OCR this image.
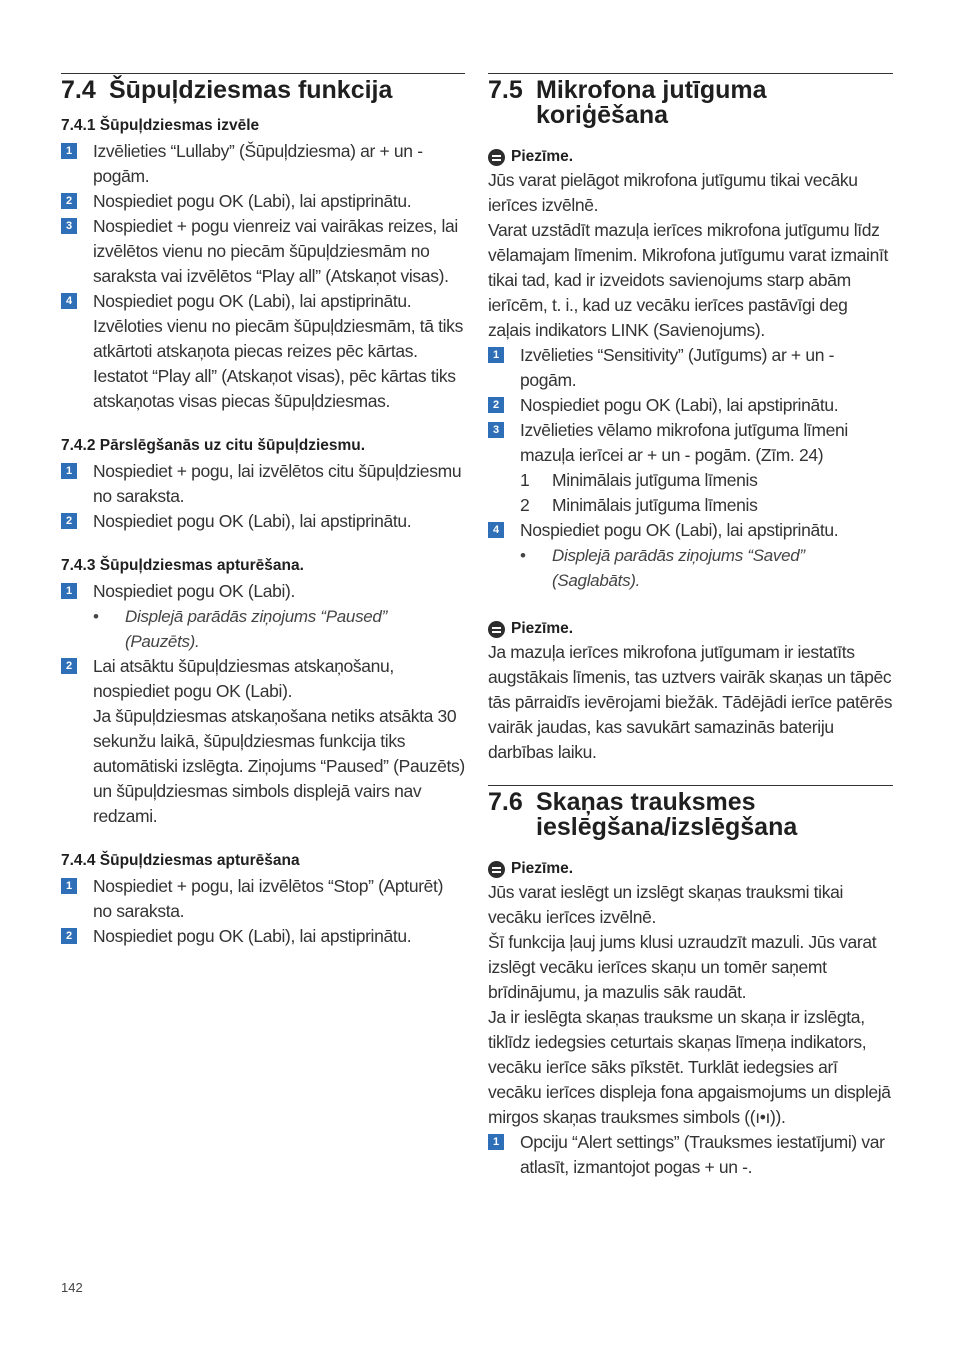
7.4 Šūpuļdziesmas funkcija
7.4.1 Šūpuļdziesmas izvēle
1 Izvēlieties “Lullaby” (Šūpuļdziesma) ar + un - pogām.

2 Nospiediet pogu OK (Labi), lai apstiprinātu.

3 Nospiediet + pogu vienreiz vai vairākas reizes, lai izvēlētos vienu no piecām šūpuļdziesmām no saraksta vai izvēlētos “Play all” (Atskaņot visas).

4 Nospiediet pogu OK (Labi), lai apstiprinātu. Izvēloties vienu no piecām šūpuļdziesmām, tā tiks atkārtoti atskaņota piecas reizes pēc kārtas.

Iestatot “Play all” (Atskaņot visas), pēc kārtas tiks atskaņotas visas piecas šūpuļdziesmas.

7.4.2 Pārslēgšanās uz citu šūpuļdziesmu.
1 Nospiediet + pogu, lai izvēlētos citu šūpuļdziesmu no saraksta.

2 Nospiediet pogu OK (Labi), lai apstiprinātu.

7.4.3 Šūpuļdziesmas apturēšana.
1 Nospiediet pogu OK (Labi).

•	Displejā parādās ziņojums “Paused” (Pauzēts).
2 Lai atsāktu šūpuļdziesmas atskaņošanu, nospiediet pogu OK (Labi).

Ja šūpuļdziesmas atskaņošana netiks atsākta 30 sekunžu laikā, šūpuļdziesmas funkcija tiks automātiski izslēgta. Ziņojums “Paused” (Pauzēts) un šūpuļdziesmas simbols displejā vairs nav redzami.

7.4.4 Šūpuļdziesmas apturēšana
1 Nospiediet + pogu, lai izvēlētos “Stop” (Apturēt) no saraksta.

2 Nospiediet pogu OK (Labi), lai apstiprinātu.

7.5 Mikrofona jutīguma koriģēšana
Piezīme.

Jūs varat pielāgot mikrofona jutīgumu tikai vecāku ierīces izvēlnē.

Varat uzstādīt mazuļa ierīces mikrofona jutīgumu līdz vēlamajam līmenim. Mikrofona jutīgumu varat izmainīt tikai tad, kad ir izveidots savienojums starp abām ierīcēm, t. i., kad uz vecāku ierīces pastāvīgi deg zaļais indikators LINK (Savienojums).

1 Izvēlieties “Sensitivity” (Jutīgums) ar + un - pogām.

2 Nospiediet pogu OK (Labi), lai apstiprinātu.

3 Izvēlieties vēlamo mikrofona jutīguma līmeni mazuļa ierīcei ar + un - pogām. (Zīm. 24)

1	Minimālais jutīguma līmenis
2	Minimālais jutīguma līmenis
4 Nospiediet pogu OK (Labi), lai apstiprinātu.

•	Displejā parādās ziņojums “Saved” (Saglabāts).
Piezīme.

Ja mazuļa ierīces mikrofona jutīgumam ir iestatīts augstākais līmenis, tas uztvers vairāk skaņas un tāpēc tās pārraidīs ievērojami biežāk. Tādējādi ierīce patērēs vairāk jaudas, kas savukārt samazinās bateriju darbības laiku.

7.6 Skaņas trauksmes ieslēgšana/izslēgšana
Piezīme.

Jūs varat ieslēgt un izslēgt skaņas trauksmi tikai vecāku ierīces izvēlnē.

Šī funkcija ļauj jums klusi uzraudzīt mazuli. Jūs varat izslēgt vecāku ierīces skaņu un tomēr saņemt brīdinājumu, ja mazulis sāk raudāt.

Ja ir ieslēgta skaņas trauksme un skaņa ir izslēgta, tiklīdz iedegsies ceturtais skaņas līmeņa indikators, vecāku ierīce sāks pīkstēt. Turklāt iedegsies arī vecāku ierīces displeja fona apgaismojums un displejā mirgos skaņas trauksmes simbols ((ı•ı)).

1 Opciju “Alert settings” (Trauksmes iestatījumi) var atlasīt, izmantojot pogas + un -.

142
